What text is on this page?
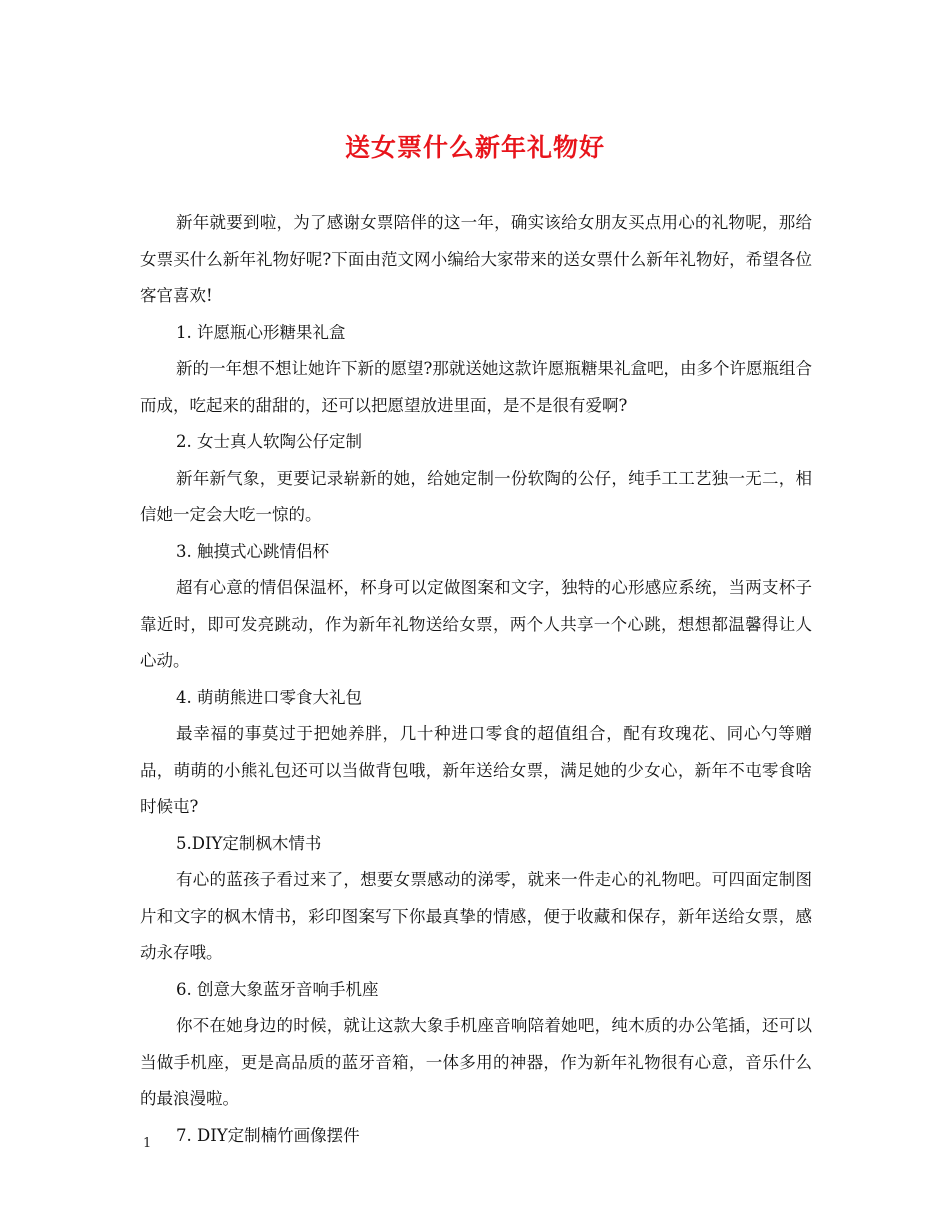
送女票什么新年礼物好

新年就要到啦，为了感谢女票陪伴的这一年，确实该给女朋友买点用心的礼物呢，那给女票买什么新年礼物好呢?下面由范文网小编给大家带来的送女票什么新年礼物好，希望各位客官喜欢!

1. 许愿瓶心形糖果礼盒

新的一年想不想让她许下新的愿望?那就送她这款许愿瓶糖果礼盒吧，由多个许愿瓶组合而成，吃起来的甜甜的，还可以把愿望放进里面，是不是很有爱啊?

2. 女士真人软陶公仔定制

新年新气象，更要记录崭新的她，给她定制一份软陶的公仔，纯手工工艺独一无二，相信她一定会大吃一惊的。

3. 触摸式心跳情侣杯

超有心意的情侣保温杯，杯身可以定做图案和文字，独特的心形感应系统，当两支杯子靠近时，即可发亮跳动，作为新年礼物送给女票，两个人共享一个心跳，想想都温馨得让人心动。

4. 萌萌熊进口零食大礼包

最幸福的事莫过于把她养胖，几十种进口零食的超值组合，配有玫瑰花、同心勺等赠品，萌萌的小熊礼包还可以当做背包哦，新年送给女票，满足她的少女心，新年不屯零食啥时候屯?

5.DIY定制枫木情书

有心的蓝孩子看过来了，想要女票感动的涕零，就来一件走心的礼物吧。可四面定制图片和文字的枫木情书，彩印图案写下你最真挚的情感，便于收藏和保存，新年送给女票，感动永存哦。

6. 创意大象蓝牙音响手机座

你不在她身边的时候，就让这款大象手机座音响陪着她吧，纯木质的办公笔插，还可以当做手机座，更是高品质的蓝牙音箱，一体多用的神器，作为新年礼物很有心意，音乐什么的最浪漫啦。

7. DIY定制楠竹画像摆件

1
